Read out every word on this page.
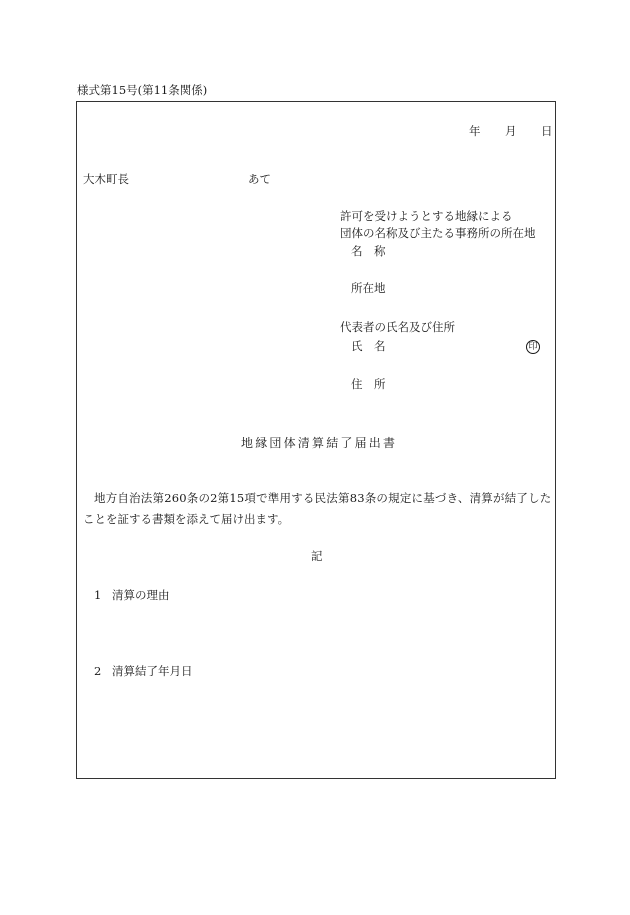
様式第15号(第11条関係)
年 月 日
大木町長	あて
許可を受けようとする地縁による
団体の名称及び主たる事務所の所在地
名　称
所在地
代表者の氏名及び住所
氏　名	印
住　所
地縁団体清算結了届出書
地方自治法第260条の2第15項で準用する民法第83条の規定に基づき、清算が結了した
ことを証する書類を添えて届け出ます。
記
1 清算の理由
2 清算結了年月日
